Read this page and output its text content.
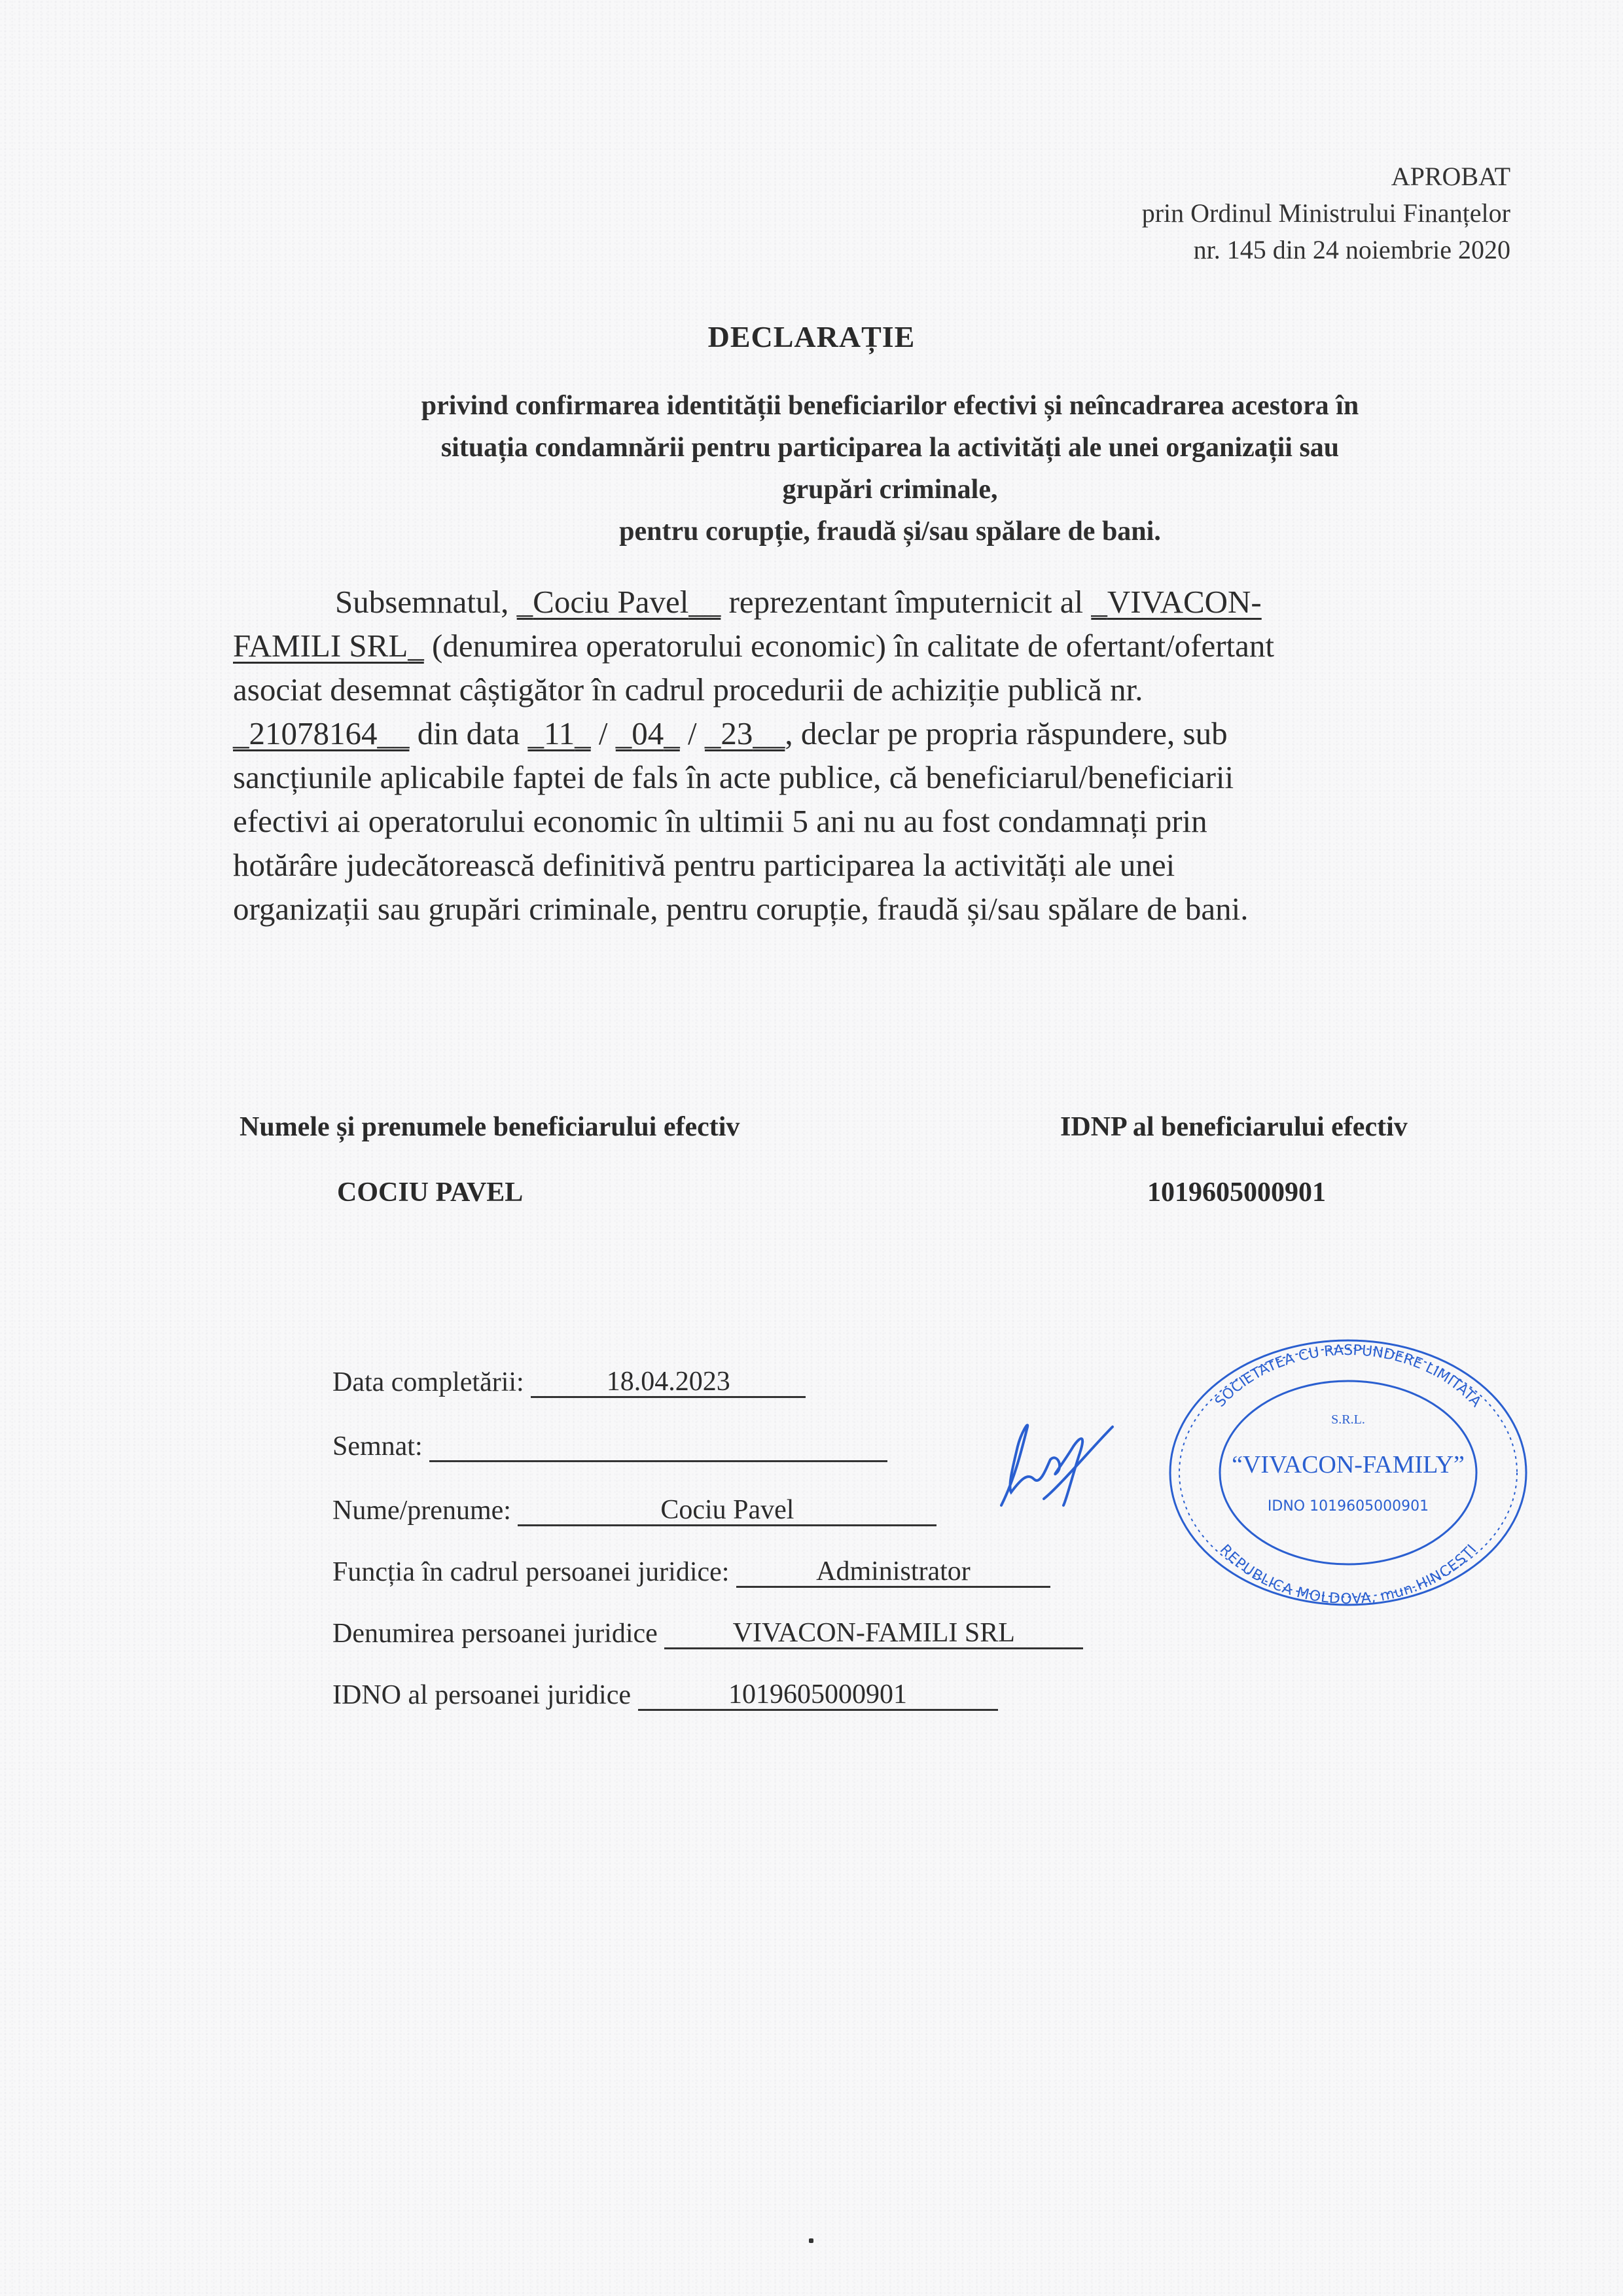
APROBAT
prin Ordinul Ministrului Finanțelor
nr. 145 din 24 noiembrie 2020
DECLARAȚIE
privind confirmarea identității beneficiarilor efectivi și neîncadrarea acestora în
situația condamnării pentru participarea la activități ale unei organizații sau
grupări criminale,
pentru corupție, fraudă și/sau spălare de bani.
Subsemnatul, _Cociu Pavel__ reprezentant împuternicit al _VIVACON-
FAMILI SRL_ (denumirea operatorului economic) în calitate de ofertant/ofertant
asociat desemnat câștigător în cadrul procedurii de achiziție publică nr.
_21078164__ din data _11_ / _04_ / _23__, declar pe propria răspundere, sub
sancțiunile aplicabile faptei de fals în acte publice, că beneficiarul/beneficiarii
efectivi ai operatorului economic în ultimii 5 ani nu au fost condamnați prin
hotărâre judecătorească definitivă pentru participarea la activități ale unei
organizații sau grupări criminale, pentru corupție, fraudă și/sau spălare de bani.
Numele și prenumele beneficiarului efectiv	IDNP al beneficiarului efectiv
COCIU PAVEL	1019605000901
Data completării:	18.04.2023
Semnat:
Nume/prenume:	Cociu Pavel
Funcția în cadrul persoanei juridice:	Administrator
Denumirea persoanei juridice	VIVACON-FAMILI SRL
IDNO al persoanei juridice	1019605000901
SOCIETATEA CU RASPUNDERE LIMITATA
REPUBLICA MOLDOVA, mun.HINCESTI
S.R.L.
“VIVACON-FAMILY”
IDNO 1019605000901
